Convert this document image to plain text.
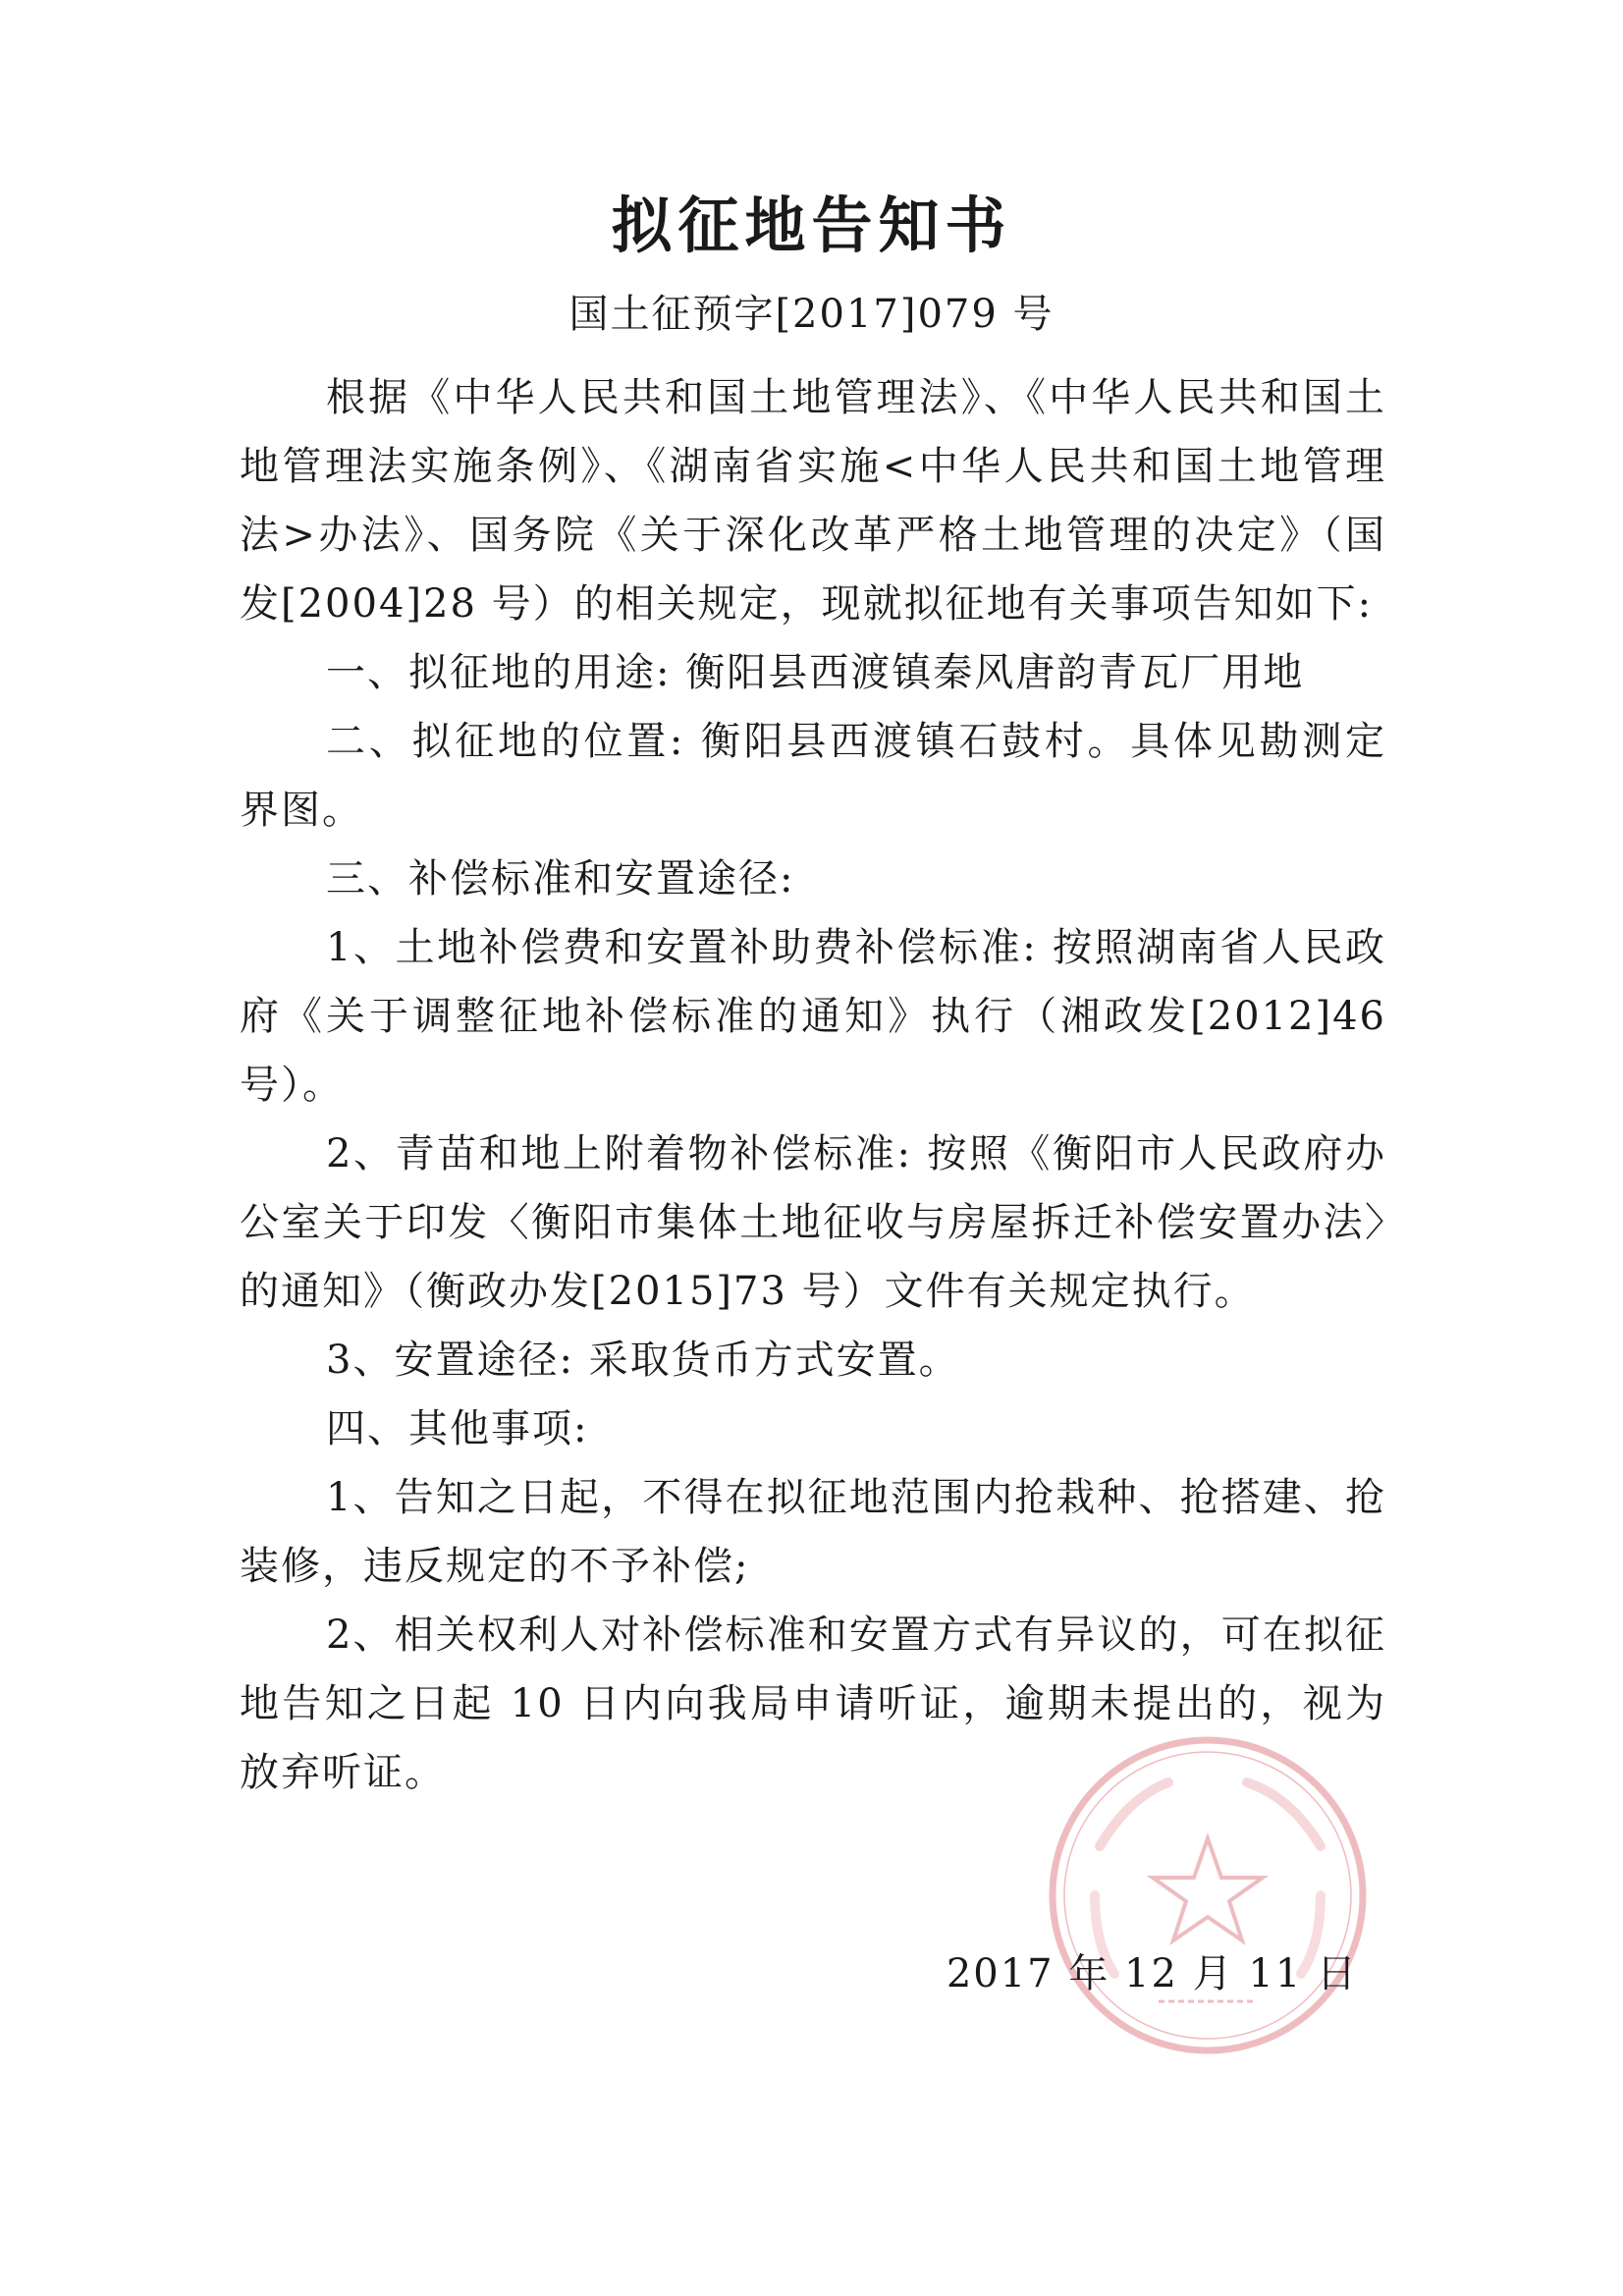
拟征地告知书
国土征预字[2017]079 号

根据《中华人民共和国土地管理法》、《中华人民共和国土地管理法实施条例》、《湖南省实施<中华人民共和国土地管理法>办法》、国务院《关于深化改革严格土地管理的决定》（国发[2004]28 号）的相关规定，现就拟征地有关事项告知如下:

一、拟征地的用途: 衡阳县西渡镇秦风唐韵青瓦厂用地

二、拟征地的位置: 衡阳县西渡镇石鼓村。具体见勘测定界图。

三、补偿标准和安置途径:

1、土地补偿费和安置补助费补偿标准: 按照湖南省人民政府《关于调整征地补偿标准的通知》执行（湘政发[2012]46 号）。

2、青苗和地上附着物补偿标准: 按照《衡阳市人民政府办公室关于印发〈衡阳市集体土地征收与房屋拆迁补偿安置办法〉的通知》（衡政办发[2015]73 号）文件有关规定执行。

3、安置途径: 采取货币方式安置。

四、其他事项:

1、告知之日起，不得在拟征地范围内抢栽种、抢搭建、抢装修，违反规定的不予补偿;

2、相关权利人对补偿标准和安置方式有异议的，可在拟征地告知之日起 10 日内向我局申请听证，逾期未提出的，视为放弃听证。

2017 年 12 月 11 日
